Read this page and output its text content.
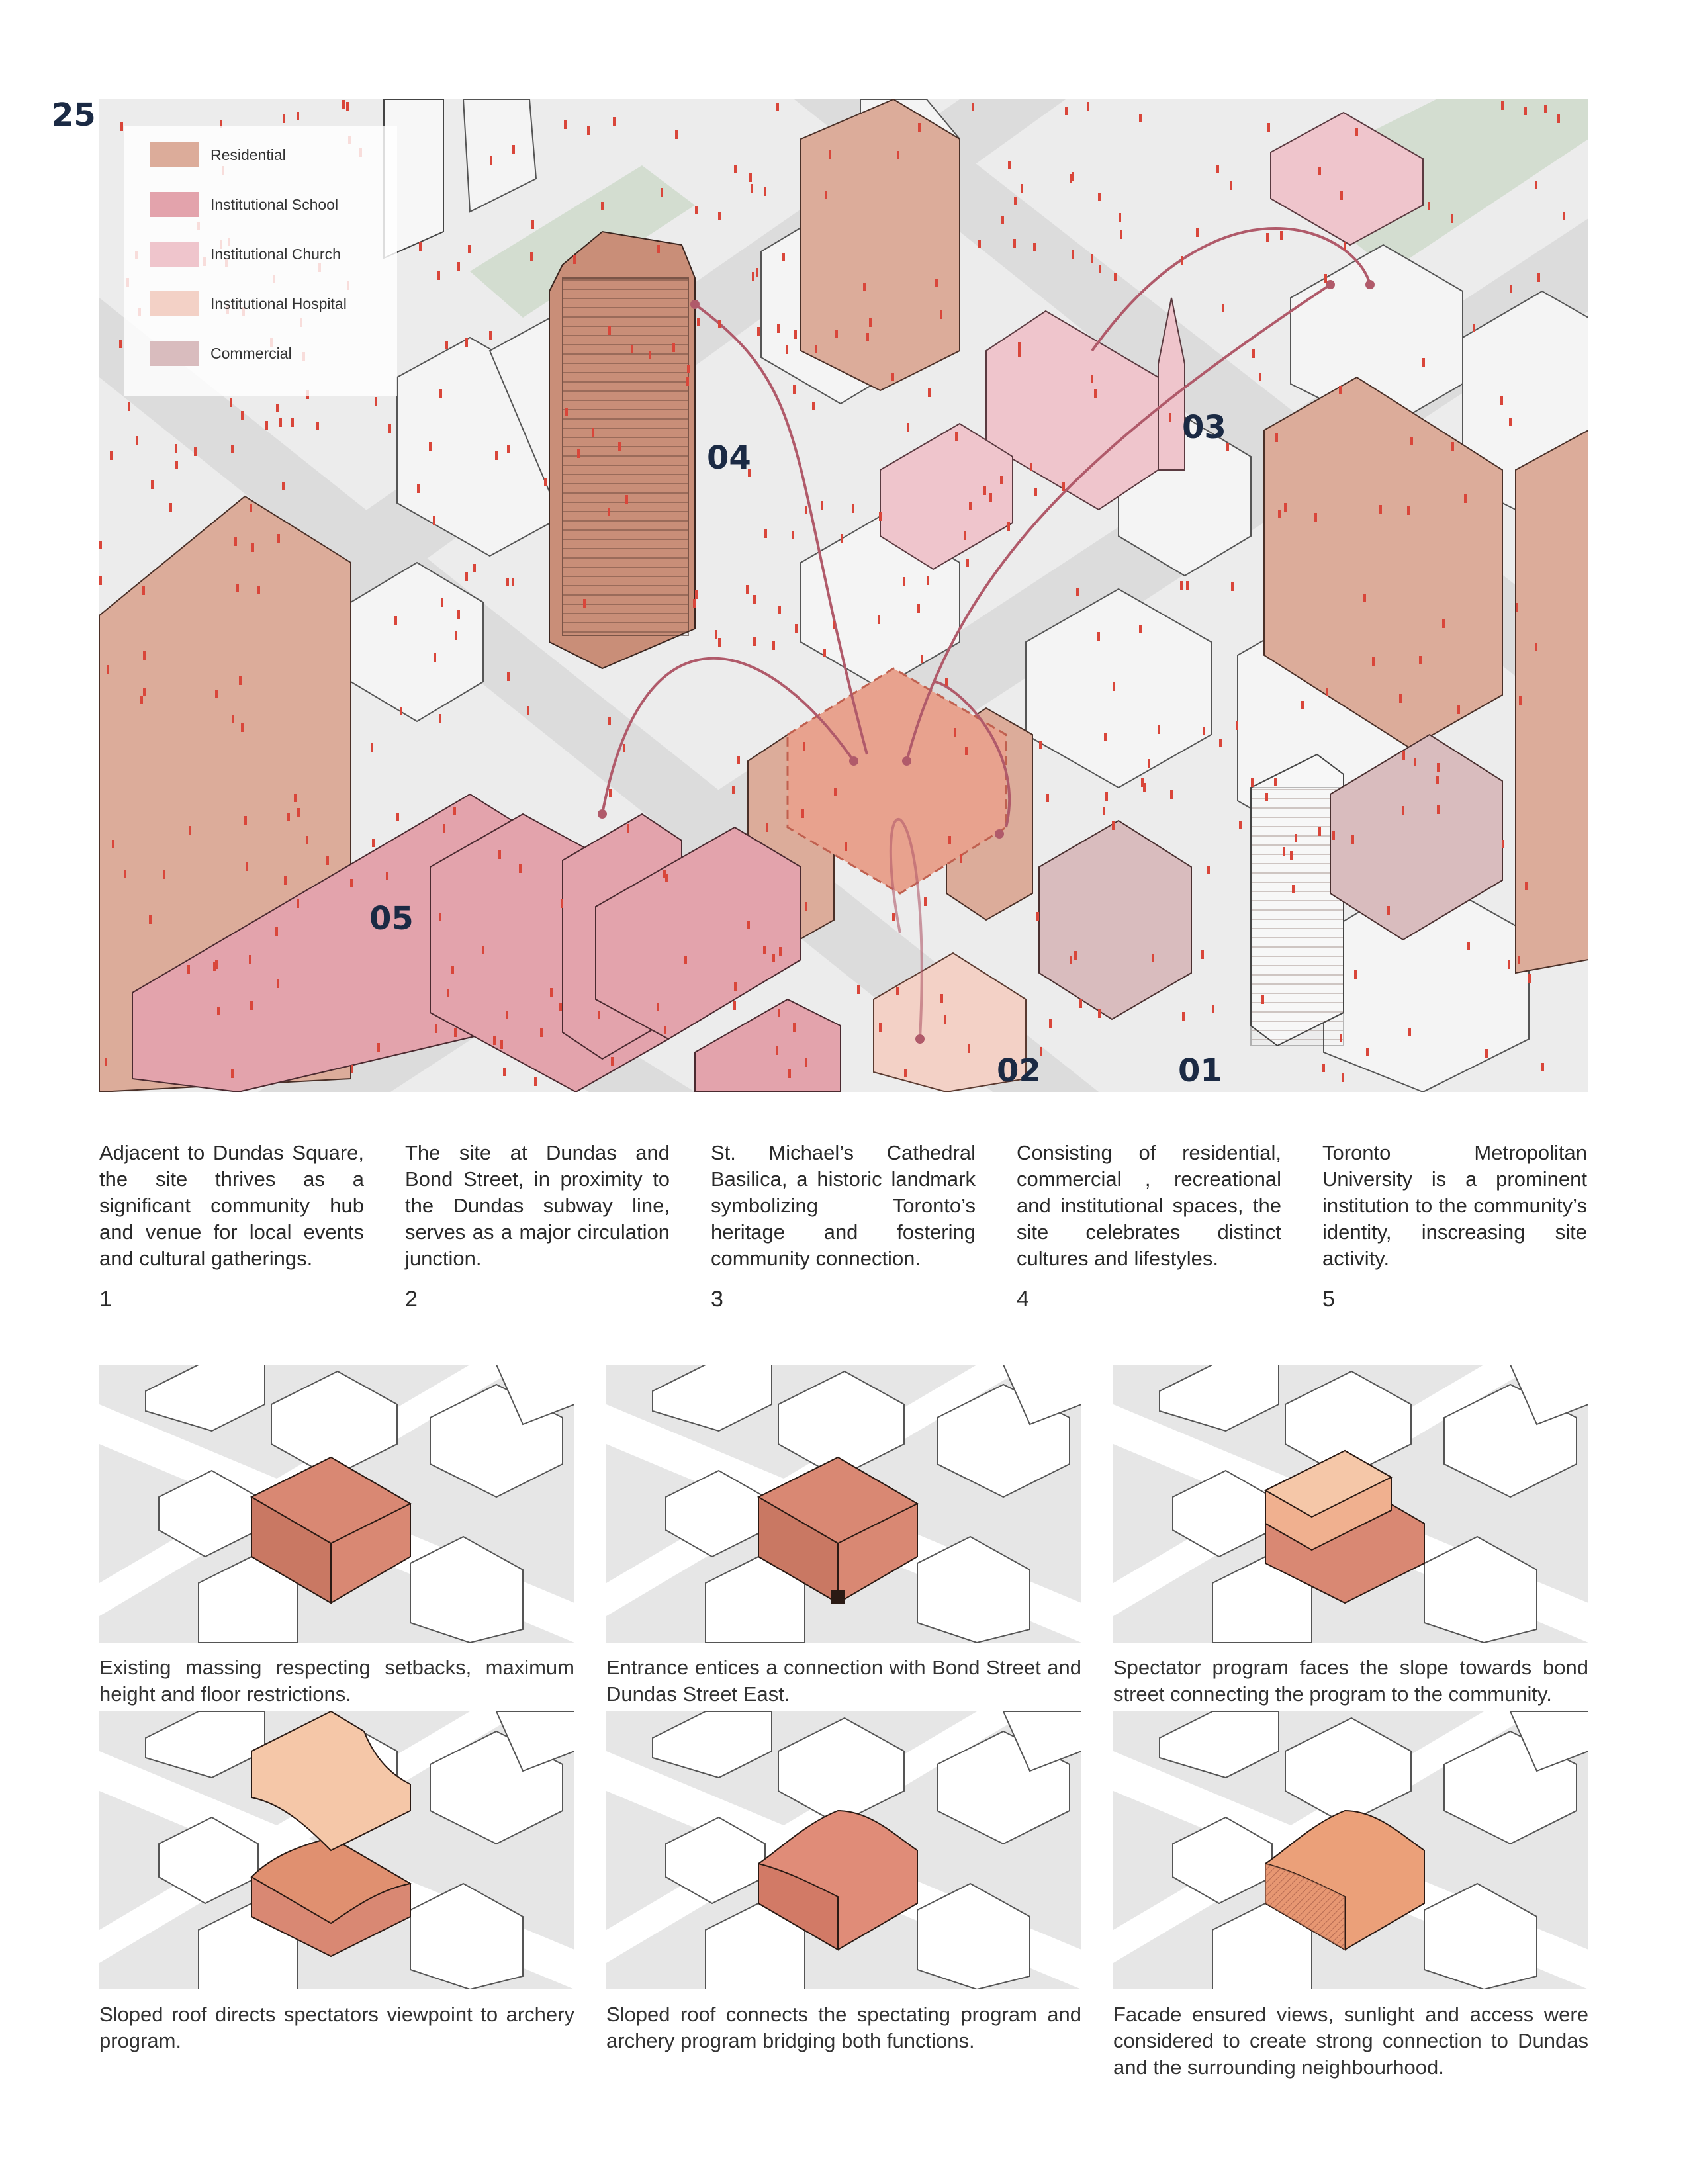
25
Residential
Institutional School
Institutional Church
Institutional Hospital
Commercial
01
02
03
04
05
Adjacent to Dundas Square, the site thrives as a significant community hub and venue for local events and cultural gatherings.
The site at Dundas and Bond Street, in proximity to the Dundas subway line, serves as a major circulation junction.
St. Michael’s Cathedral Basilica, a historic landmark symbolizing Toronto’s heritage and fostering community connection.
Consisting of residential, commercial , recreational and institutional spaces, the site celebrates distinct cultures and lifestyles.
Toronto Metropolitan University is a prominent institution to the community’s identity, inscreasing site activity.
1	2	3	4	5
Existing massing respecting setbacks, maximum height and floor restrictions.
Entrance entices a connection with Bond Street and Dundas Street East.
Spectator program faces the slope towards bond street connecting the program to the community.
Sloped roof directs spectators viewpoint to archery program.
Sloped roof connects the spectating program and archery program bridging both functions.
Facade ensured views, sunlight and access were considered to create strong connection to Dundas and the surrounding neighbourhood.
